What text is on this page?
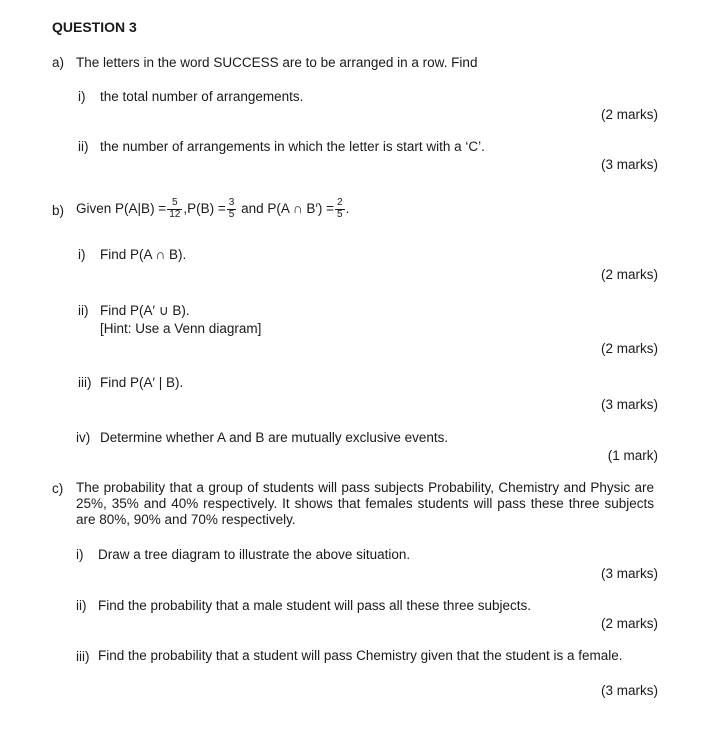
QUESTION 3
a) The letters in the word SUCCESS are to be arranged in a row. Find
i) the total number of arrangements.
(2 marks)
ii) the number of arrangements in which the letter is start with a ‘C’.
(3 marks)
b) Given $P(A|B) = \frac{5}{12} ,P(B) = \frac{3}{5}$ and P(A ∩ $B') = \frac{2}{5}$ .
i) Find P(A ∩ B).
(2 marks)
ii) Find P(A′ ∪ B).
[Hint: Use a Venn diagram]
(2 marks)
iii) Find P(A′ | B).
(3 marks)
iv) Determine whether A and B are mutually exclusive events.
(1 mark)
c) The probability that a group of students will pass subjects Probability, Chemistry and Physic are 25%, 35% and 40% respectively. It shows that females students will pass these three subjects are 80%, 90% and 70% respectively.
i) Draw a tree diagram to illustrate the above situation.
(3 marks)
ii) Find the probability that a male student will pass all these three subjects.
(2 marks)
iii) Find the probability that a student will pass Chemistry given that the student is a female.
(3 marks)
